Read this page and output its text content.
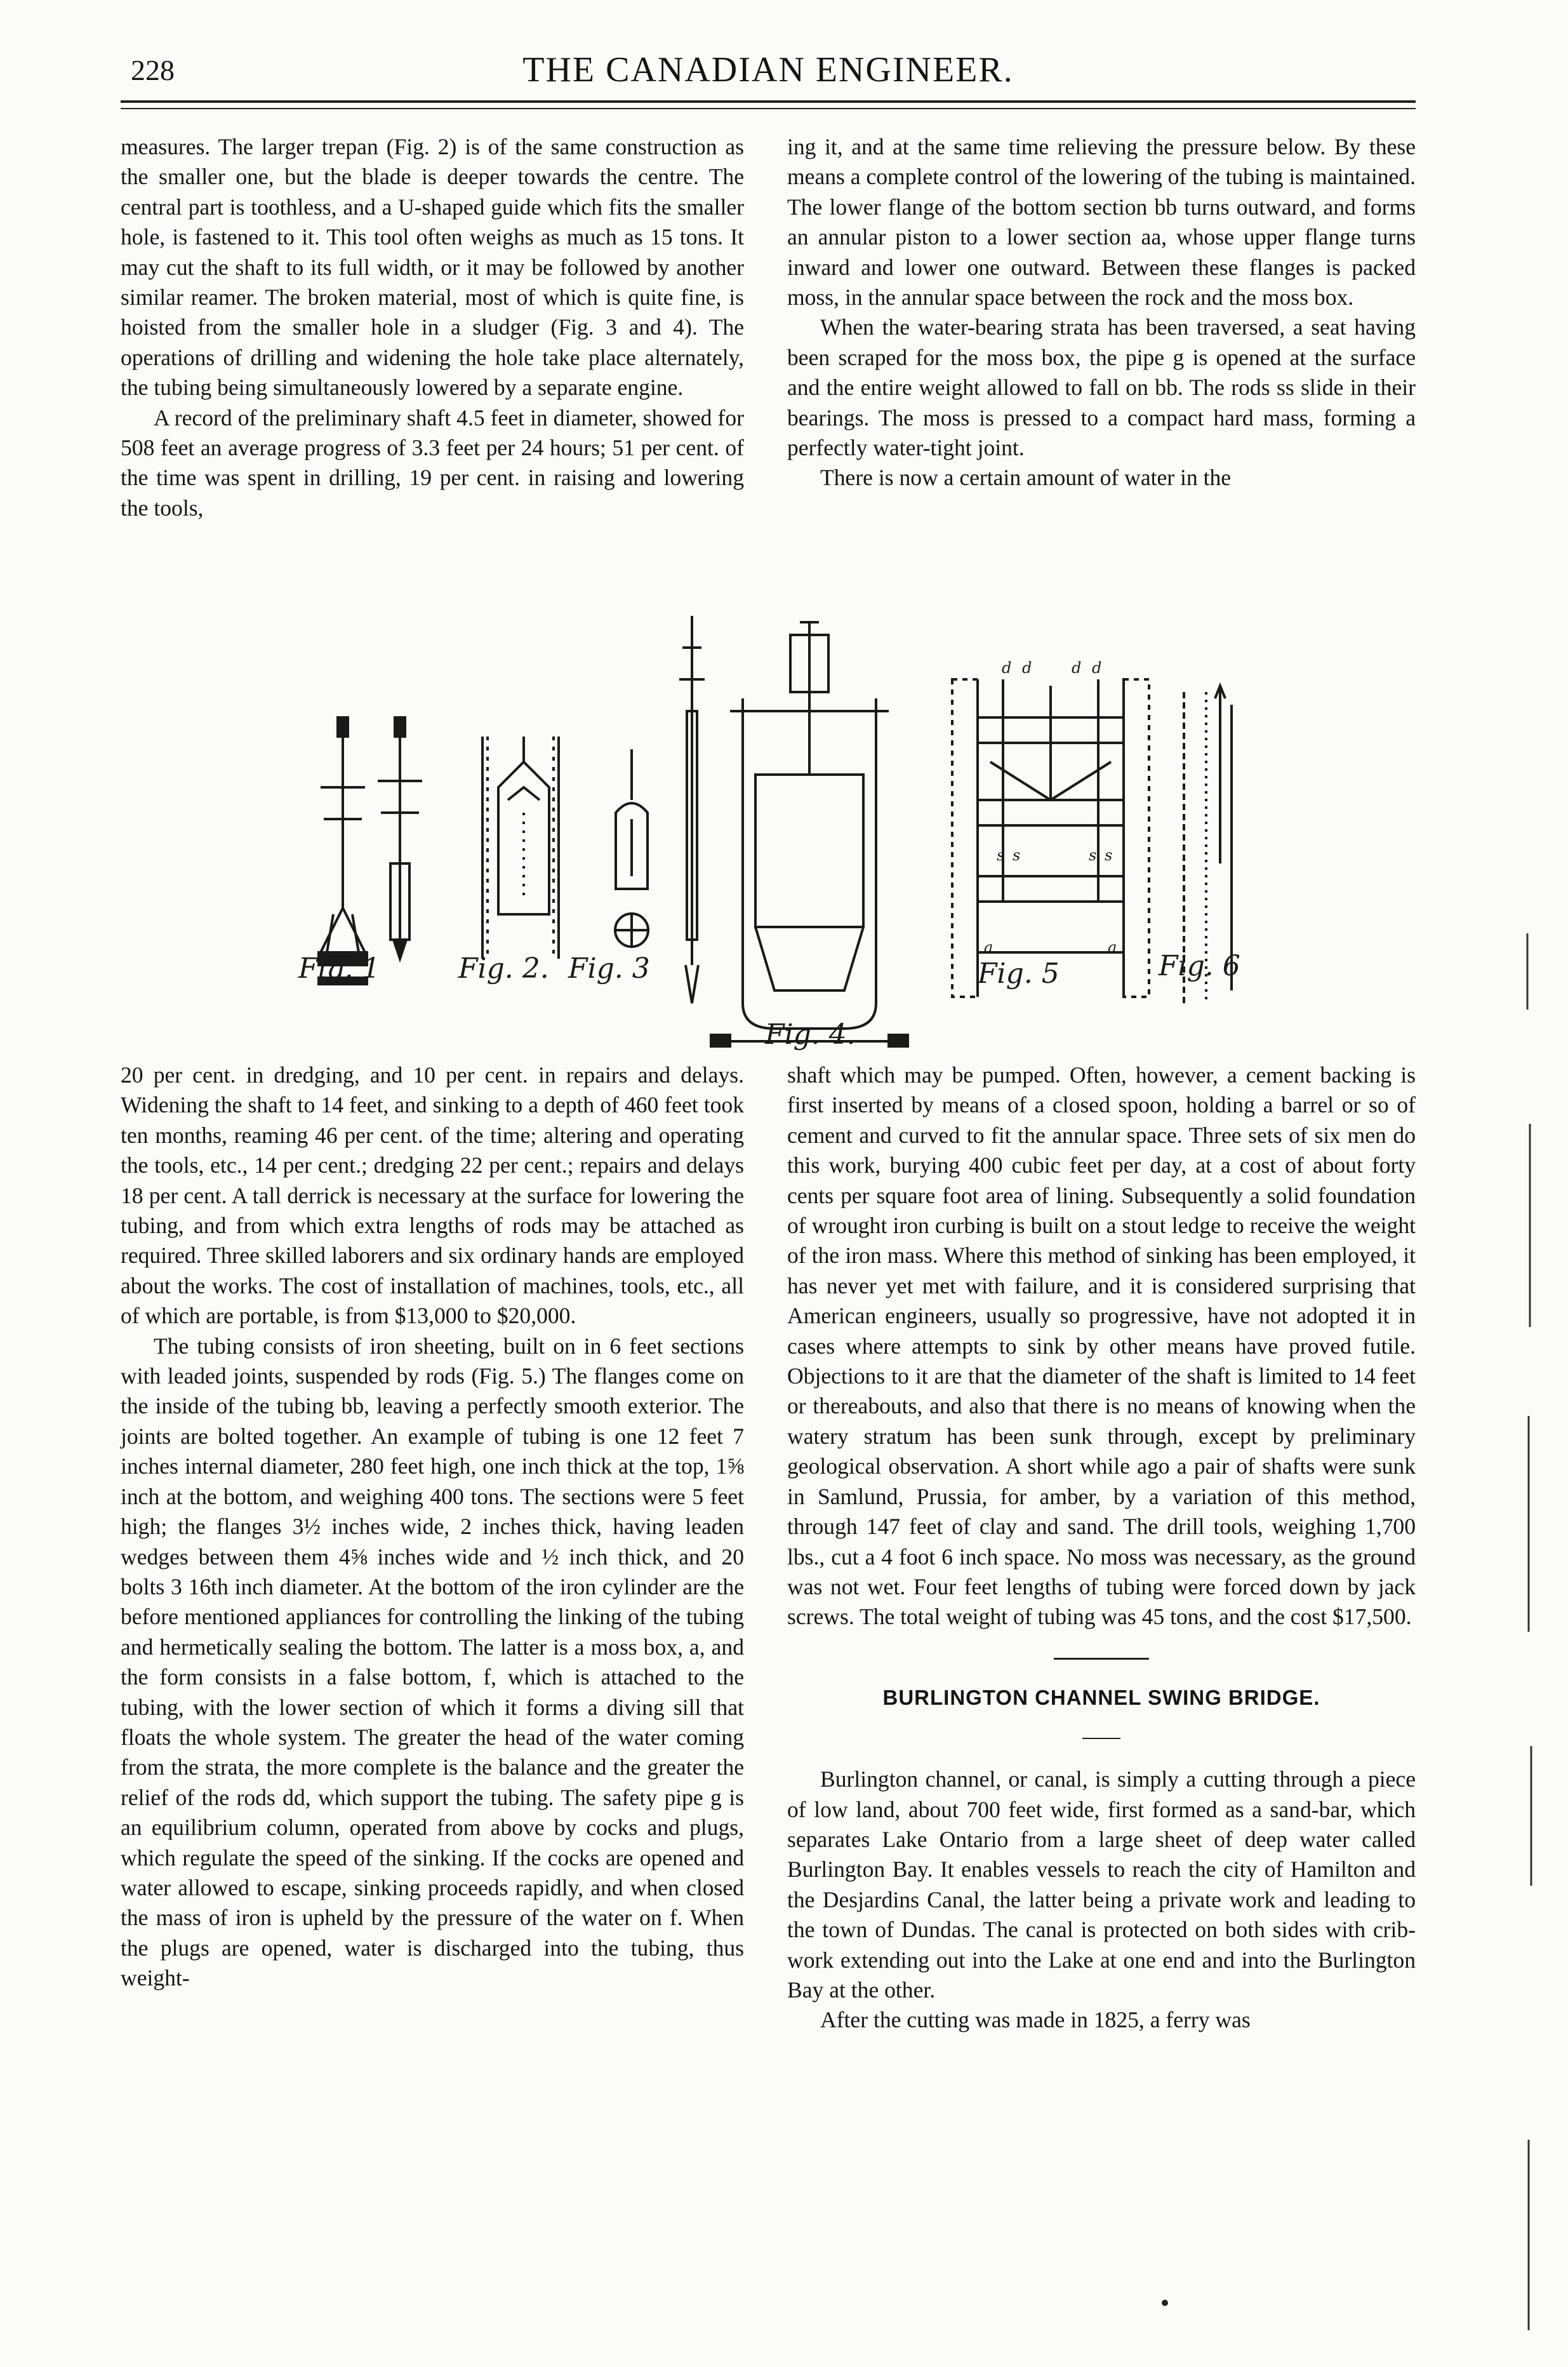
228	THE CANADIAN ENGINEER.

measures. The larger trepan (Fig. 2) is of the same construction as the smaller one, but the blade is deeper towards the centre. The central part is toothless, and a U-shaped guide which fits the smaller hole, is fastened to it. This tool often weighs as much as 15 tons. It may cut the shaft to its full width, or it may be followed by another similar reamer. The broken material, most of which is quite fine, is hoisted from the smaller hole in a sludger (Fig. 3 and 4). The operations of drilling and widening the hole take place alternately, the tubing being simultaneously lowered by a separate engine.

A record of the preliminary shaft 4.5 feet in diameter, showed for 508 feet an average progress of 3.3 feet per 24 hours; 51 per cent. of the time was spent in drilling, 19 per cent. in raising and lowering the tools,

ing it, and at the same time relieving the pressure below. By these means a complete control of the lowering of the tubing is maintained. The lower flange of the bottom section bb turns outward, and forms an annular piston to a lower section aa, whose upper flange turns inward and lower one outward. Between these flanges is packed moss, in the annular space between the rock and the moss box.

When the water-bearing strata has been traversed, a seat having been scraped for the moss box, the pipe g is opened at the surface and the entire weight allowed to fall on bb. The rods ss slide in their bearings. The moss is pressed to a compact hard mass, forming a perfectly water-tight joint.

There is now a certain amount of water in the

d d	d d
s s	s s
a	a
Fig. 1	Fig. 2. Fig. 3	Fig. 5	Fig. 6
Fig. 4.

20 per cent. in dredging, and 10 per cent. in repairs and delays. Widening the shaft to 14 feet, and sinking to a depth of 460 feet took ten months, reaming 46 per cent. of the time; altering and operating the tools, etc., 14 per cent.; dredging 22 per cent.; repairs and delays 18 per cent. A tall derrick is necessary at the surface for lowering the tubing, and from which extra lengths of rods may be attached as required. Three skilled laborers and six ordinary hands are employed about the works. The cost of installation of machines, tools, etc., all of which are portable, is from $13,000 to $20,000.

The tubing consists of iron sheeting, built on in 6 feet sections with leaded joints, suspended by rods (Fig. 5.) The flanges come on the inside of the tubing bb, leaving a perfectly smooth exterior. The joints are bolted together. An example of tubing is one 12 feet 7 inches internal diameter, 280 feet high, one inch thick at the top, 1⅝ inch at the bottom, and weighing 400 tons. The sections were 5 feet high; the flanges 3½ inches wide, 2 inches thick, having leaden wedges between them 4⅝ inches wide and ½ inch thick, and 20 bolts 3 16th inch diameter. At the bottom of the iron cylinder are the before mentioned appliances for controlling the linking of the tubing and hermetically sealing the bottom. The latter is a moss box, a, and the form consists in a false bottom, f, which is attached to the tubing, with the lower section of which it forms a diving sill that floats the whole system. The greater the head of the water coming from the strata, the more complete is the balance and the greater the relief of the rods dd, which support the tubing. The safety pipe g is an equilibrium column, operated from above by cocks and plugs, which regulate the speed of the sinking. If the cocks are opened and water allowed to escape, sinking proceeds rapidly, and when closed the mass of iron is upheld by the pressure of the water on f. When the plugs are opened, water is discharged into the tubing, thus weight-

shaft which may be pumped. Often, however, a cement backing is first inserted by means of a closed spoon, holding a barrel or so of cement and curved to fit the annular space. Three sets of six men do this work, burying 400 cubic feet per day, at a cost of about forty cents per square foot area of lining. Subsequently a solid foundation of wrought iron curbing is built on a stout ledge to receive the weight of the iron mass. Where this method of sinking has been employed, it has never yet met with failure, and it is considered surprising that American engineers, usually so progressive, have not adopted it in cases where attempts to sink by other means have proved futile. Objections to it are that the diameter of the shaft is limited to 14 feet or thereabouts, and also that there is no means of knowing when the watery stratum has been sunk through, except by preliminary geological observation. A short while ago a pair of shafts were sunk in Samlund, Prussia, for amber, by a variation of this method, through 147 feet of clay and sand. The drill tools, weighing 1,700 lbs., cut a 4 foot 6 inch space. No moss was necessary, as the ground was not wet. Four feet lengths of tubing were forced down by jack screws. The total weight of tubing was 45 tons, and the cost $17,500.

BURLINGTON CHANNEL SWING BRIDGE.

Burlington channel, or canal, is simply a cutting through a piece of low land, about 700 feet wide, first formed as a sand-bar, which separates Lake Ontario from a large sheet of deep water called Burlington Bay. It enables vessels to reach the city of Hamilton and the Desjardins Canal, the latter being a private work and leading to the town of Dundas. The canal is protected on both sides with crib-work extending out into the Lake at one end and into the Burlington Bay at the other.

After the cutting was made in 1825, a ferry was
